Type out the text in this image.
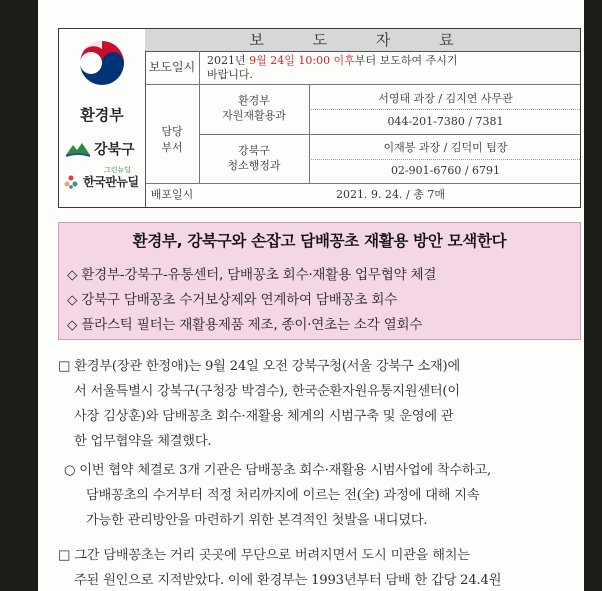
환경부
강북구
그린뉴딜
한국판뉴딜
보 도 자 료
보도일시	2021년 9월 24일 10:00 이후부터 보도하여 주시기
바랍니다.
담당
부서
환경부
자원재활용과
서영태 과장 / 김지연 사무관
044-201-7380 / 7381
강북구
청소행정과
이재봉 과장 / 김덕미 팀장
02-901-6760 / 6791
배포일시	2021. 9. 24. / 총 7매
환경부, 강북구와 손잡고 담배꽁초 재활용 방안 모색한다
◇ 환경부-강북구-유통센터, 담배꽁초 회수·재활용 업무협약 체결
◇ 강북구 담배꽁초 수거보상제와 연계하여 담배꽁초 회수
◇ 플라스틱 필터는 재활용제품 제조, 종이·연초는 소각 열회수
□ 환경부(장관 한정애)는 9월 24일 오전 강북구청(서울 강북구 소재)에
서 서울특별시 강북구(구청장 박겸수), 한국순환자원유통지원센터(이
사장 김상훈)와 담배꽁초 회수·재활용 체계의 시범구축 및 운영에 관
한 업무협약을 체결했다.
○ 이번 협약 체결로 3개 기관은 담배꽁초 회수·재활용 시범사업에 착수하고,
담배꽁초의 수거부터 적정 처리까지에 이르는 전(全) 과정에 대해 지속
가능한 관리방안을 마련하기 위한 본격적인 첫발을 내디뎠다.
□ 그간 담배꽁초는 거리 곳곳에 무단으로 버려지면서 도시 미관을 해치는
주된 원인으로 지적받았다. 이에 환경부는 1993년부터 담배 한 갑당 24.4원
